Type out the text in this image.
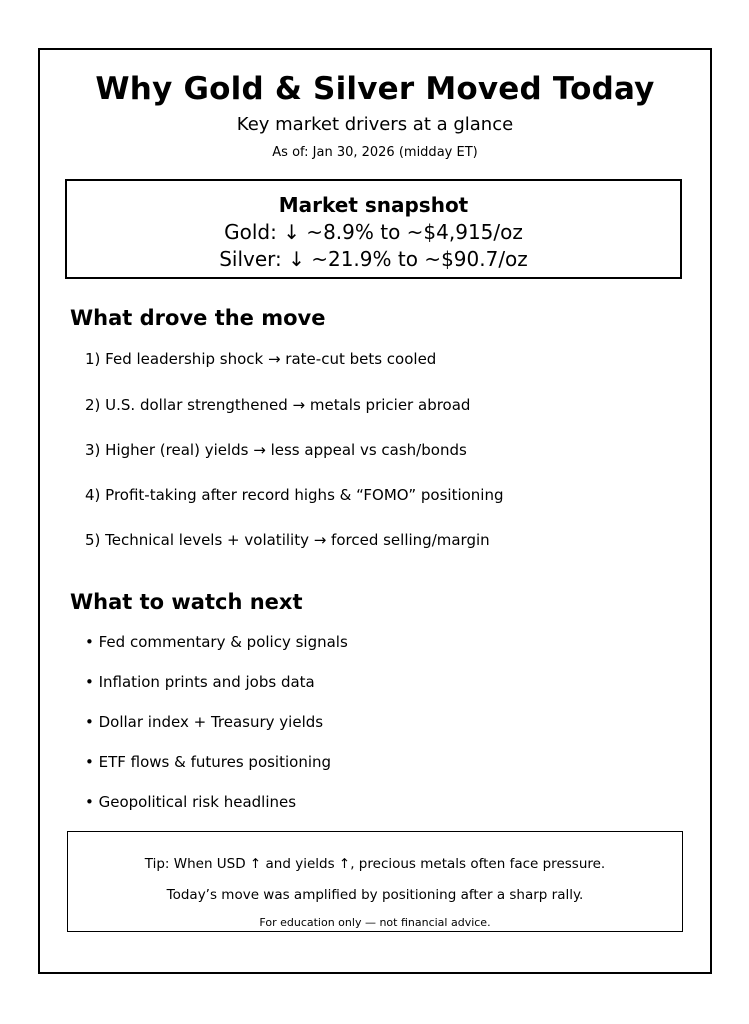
Why Gold & Silver Moved Today
Key market drivers at a glance
As of: Jan 30, 2026 (midday ET)
Market snapshot
Gold: ↓ ~8.9% to ~$4,915/oz
Silver: ↓ ~21.9% to ~$90.7/oz
What drove the move
1) Fed leadership shock → rate-cut bets cooled
2) U.S. dollar strengthened → metals pricier abroad
3) Higher (real) yields → less appeal vs cash/bonds
4) Profit-taking after record highs & “FOMO” positioning
5) Technical levels + volatility → forced selling/margin
What to watch next
• Fed commentary & policy signals
• Inflation prints and jobs data
• Dollar index + Treasury yields
• ETF flows & futures positioning
• Geopolitical risk headlines
Tip: When USD ↑ and yields ↑, precious metals often face pressure.
Today’s move was amplified by positioning after a sharp rally.
For education only — not financial advice.
